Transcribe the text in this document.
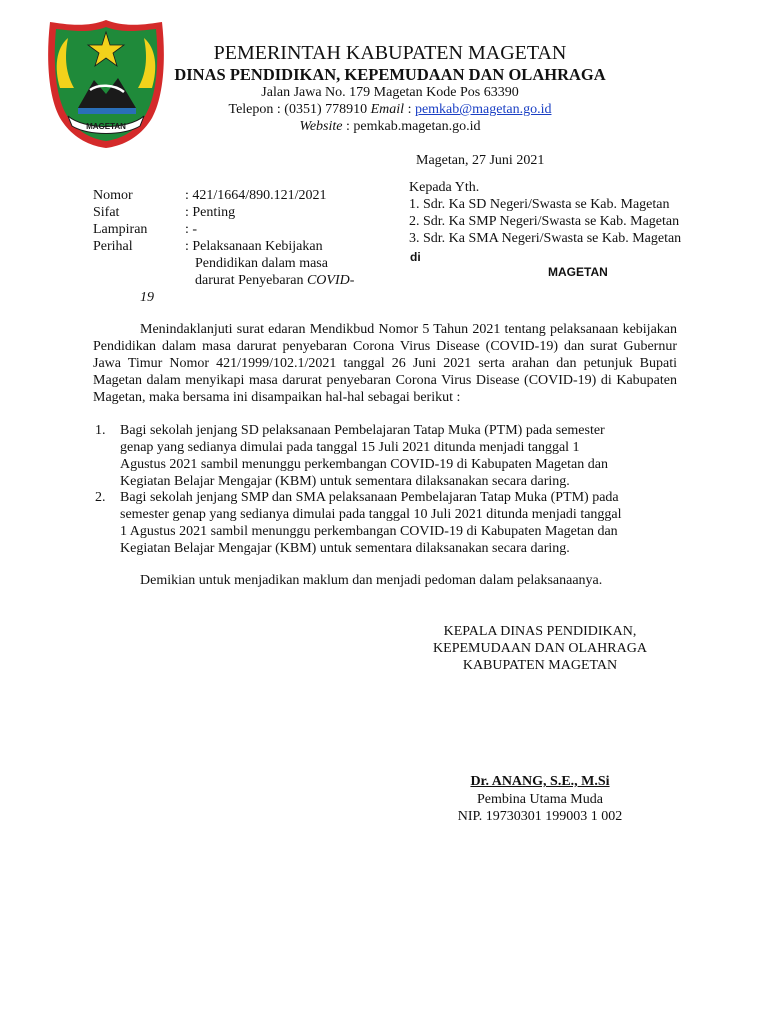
MAGETAN
PEMERINTAH KABUPATEN MAGETAN
DINAS PENDIDIKAN, KEPEMUDAAN DAN OLAHRAGA
Jalan Jawa No. 179 Magetan Kode Pos 63390
Telepon : (0351) 778910 Email : pemkab@magetan.go.id
Website : pemkab.magetan.go.id
Magetan, 27 Juni 2021
Nomor	: 421/1664/890.121/2021
Sifat	: Penting
Lampiran	: -
Perihal	: Pelaksanaan Kebijakan
Pendidikan dalam masa
darurat Penyebaran COVID-
19
Kepada Yth.
1. Sdr. Ka SD Negeri/Swasta se Kab. Magetan
2. Sdr. Ka SMP Negeri/Swasta se Kab. Magetan
3. Sdr. Ka SMA Negeri/Swasta se Kab. Magetan
di
MAGETAN
Menindaklanjuti surat edaran Mendikbud Nomor 5 Tahun 2021 tentang pelaksanaan kebijakan Pendidikan dalam masa darurat penyebaran Corona Virus Disease (COVID-19) dan surat Gubernur Jawa Timur Nomor 421/1999/102.1/2021 tanggal 26 Juni 2021 serta arahan dan petunjuk Bupati Magetan dalam menyikapi masa darurat penyebaran Corona Virus Disease (COVID-19) di Kabupaten Magetan, maka bersama ini disampaikan hal-hal sebagai berikut :
1. Bagi sekolah jenjang SD pelaksanaan Pembelajaran Tatap Muka (PTM) pada semester
genap yang sedianya dimulai pada tanggal 15 Juli 2021 ditunda menjadi tanggal 1
Agustus 2021 sambil menunggu perkembangan COVID-19 di Kabupaten Magetan dan
Kegiatan Belajar Mengajar (KBM) untuk sementara dilaksanakan secara daring.
2. Bagi sekolah jenjang SMP dan SMA pelaksanaan Pembelajaran Tatap Muka (PTM) pada
semester genap yang sedianya dimulai pada tanggal 10 Juli 2021 ditunda menjadi tanggal
1 Agustus 2021 sambil menunggu perkembangan COVID-19 di Kabupaten Magetan dan
Kegiatan Belajar Mengajar (KBM) untuk sementara dilaksanakan secara daring.
Demikian untuk menjadikan maklum dan menjadi pedoman dalam pelaksanaanya.
KEPALA DINAS PENDIDIKAN,
KEPEMUDAAN DAN OLAHRAGA
KABUPATEN MAGETAN
Dr. ANANG, S.E., M.Si
Pembina Utama Muda
NIP. 19730301 199003 1 002
